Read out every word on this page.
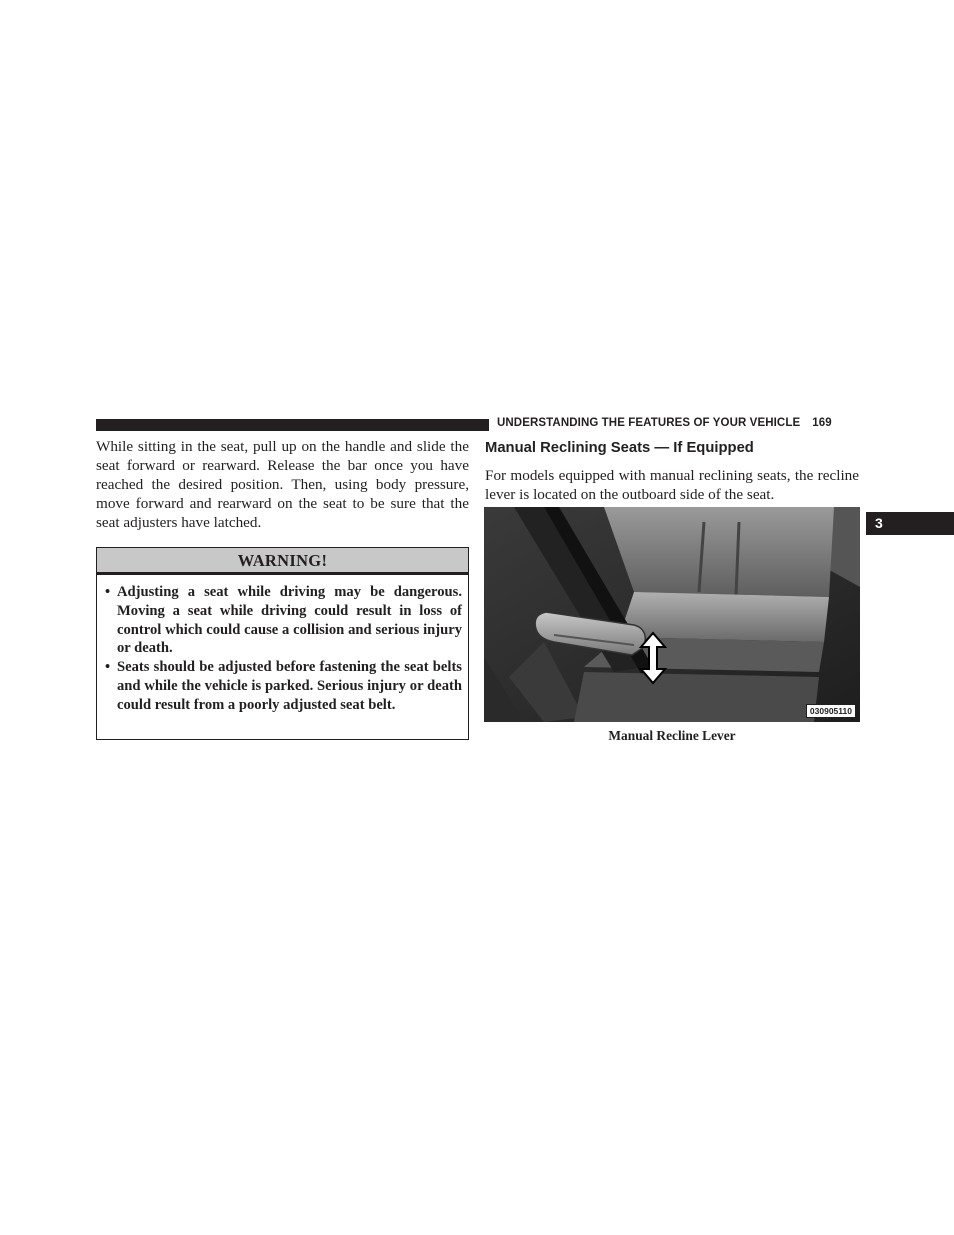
UNDERSTANDING THE FEATURES OF YOUR VEHICLE 169

While sitting in the seat, pull up on the handle and slide the seat forward or rearward. Release the bar once you have reached the desired position. Then, using body pressure, move forward and rearward on the seat to be sure that the seat adjusters have latched.

WARNING!
• Adjusting a seat while driving may be dangerous. Moving a seat while driving could result in loss of control which could cause a collision and serious injury or death.
• Seats should be adjusted before fastening the seat belts and while the vehicle is parked. Serious injury or death could result from a poorly adjusted seat belt.
Manual Reclining Seats — If Equipped

For models equipped with manual reclining seats, the recline lever is located on the outboard side of the seat.

030905110
Manual Recline Lever
3
